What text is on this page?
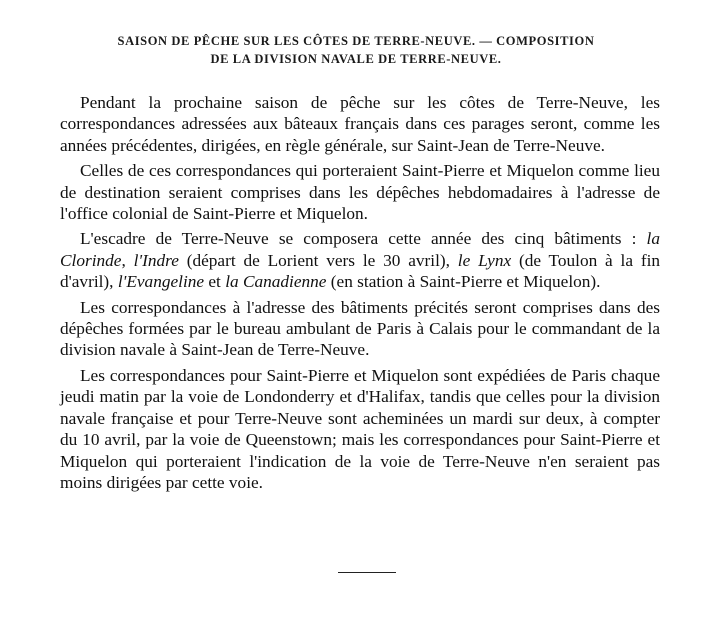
SAISON DE PÊCHE SUR LES CÔTES DE TERRE-NEUVE. — COMPOSITION
DE LA DIVISION NAVALE DE TERRE-NEUVE.

Pendant la prochaine saison de pêche sur les côtes de Terre-Neuve, les correspondances adressées aux bâteaux français dans ces parages seront, comme les années précédentes, dirigées, en règle générale, sur Saint-Jean de Terre-Neuve.

Celles de ces correspondances qui porteraient Saint-Pierre et Miquelon comme lieu de destination seraient comprises dans les dépêches hebdomadaires à l'adresse de l'office colonial de Saint-Pierre et Miquelon.

L'escadre de Terre-Neuve se composera cette année des cinq bâtiments : la Clorinde, l'Indre (départ de Lorient vers le 30 avril), le Lynx (de Toulon à la fin d'avril), l'Evangeline et la Canadienne (en station à Saint-Pierre et Miquelon).

Les correspondances à l'adresse des bâtiments précités seront comprises dans des dépêches formées par le bureau ambulant de Paris à Calais pour le commandant de la division navale à Saint-Jean de Terre-Neuve.

Les correspondances pour Saint-Pierre et Miquelon sont expédiées de Paris chaque jeudi matin par la voie de Londonderry et d'Halifax, tandis que celles pour la division navale française et pour Terre-Neuve sont acheminées un mardi sur deux, à compter du 10 avril, par la voie de Queenstown; mais les correspondances pour Saint-Pierre et Miquelon qui porteraient l'indication de la voie de Terre-Neuve n'en seraient pas moins dirigées par cette voie.
